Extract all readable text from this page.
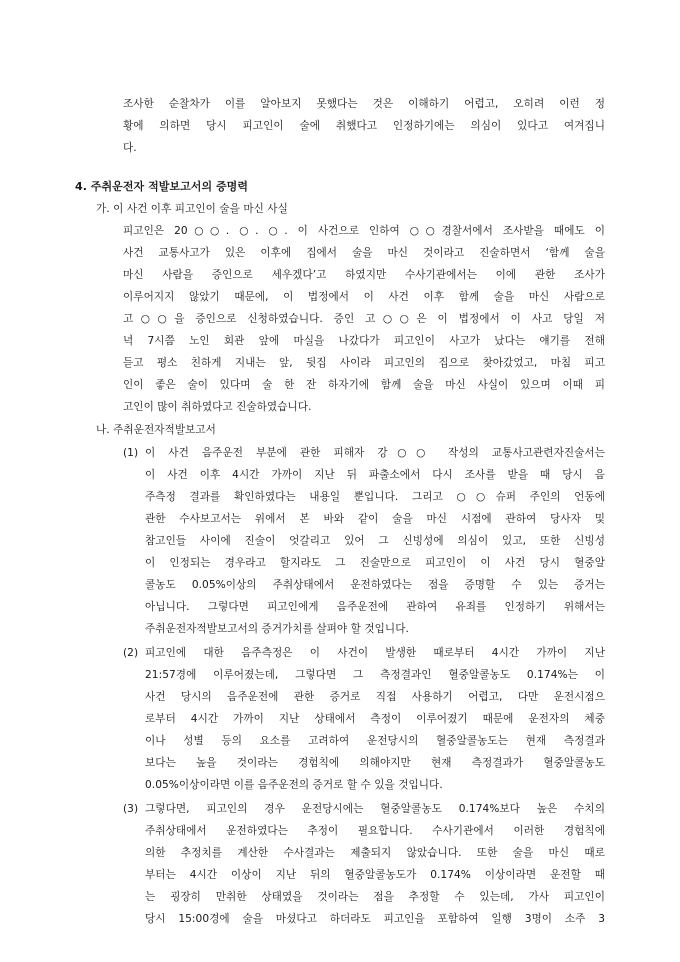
조사한 순찰차가 이를 알아보지 못했다는 것은 이해하기 어렵고, 오히려 이런 정
황에 의하면 당시 피고인이 술에 취했다고 인정하기에는 의심이 있다고 여겨집니
다.
4. 주취운전자 적발보고서의 증명력
가. 이 사건 이후 피고인이 술을 마신 사실
피고인은 20○○. ○. ○. 이 사건으로 인하여 ○○경찰서에서 조사받을 때에도 이
사건 교통사고가 있은 이후에 집에서 술을 마신 것이라고 진술하면서 ‘함께 술을
마신 사람을 증인으로 세우겠다’고 하였지만 수사기관에서는 이에 관한 조사가
이루어지지 않았기 때문에, 이 법정에서 이 사건 이후 함께 술을 마신 사람으로
고○○을 증인으로 신청하였습니다. 증인 고○○은 이 법정에서 이 사고 당일 저
녁 7시쯤 노인 회관 앞에 마실을 나갔다가 피고인이 사고가 났다는 얘기를 전해
듣고 평소 친하게 지내는 앞, 뒷집 사이라 피고인의 집으로 찾아갔었고, 마침 피고
인이 좋은 술이 있다며 술 한 잔 하자기에 함께 술을 마신 사실이 있으며 이때 피
고인이 많이 취하였다고 진술하였습니다.
나. 주취운전자적발보고서
(1) 이 사건 음주운전 부분에 관한 피해자 강○○ 작성의 교통사고관련자진술서는
이 사건 이후 4시간 가까이 지난 뒤 파출소에서 다시 조사를 받을 때 당시 음
주측정 결과를 확인하였다는 내용일 뿐입니다. 그리고 ○○슈퍼 주인의 언동에
관한 수사보고서는 위에서 본 바와 같이 술을 마신 시점에 관하여 당사자 및
참고인들 사이에 진술이 엇갈리고 있어 그 신빙성에 의심이 있고, 또한 신빙성
이 인정되는 경우라고 할지라도 그 진술만으로 피고인이 이 사건 당시 혈중알
콜농도 0.05%이상의 주취상태에서 운전하였다는 점을 증명할 수 있는 증거는
아닙니다. 그렇다면 피고인에게 음주운전에 관하여 유죄를 인정하기 위해서는
주취운전자적발보고서의 증거가치를 살펴야 할 것입니다.
(2) 피고인에 대한 음주측정은 이 사건이 발생한 때로부터 4시간 가까이 지난
21:57경에 이루어졌는데, 그렇다면 그 측정결과인 혈중알콜농도 0.174%는 이
사건 당시의 음주운전에 관한 증거로 직접 사용하기 어렵고, 다만 운전시점으
로부터 4시간 가까이 지난 상태에서 측정이 이루어졌기 때문에 운전자의 체중
이나 성별 등의 요소를 고려하여 운전당시의 혈중알콜농도는 현재 측정결과
보다는 높을 것이라는 경험칙에 의해야지만 현재 측정결과가 혈중알콜농도
0.05%이상이라면 이를 음주운전의 증거로 할 수 있을 것입니다.
(3) 그렇다면, 피고인의 경우 운전당시에는 혈중알콜농도 0.174%보다 높은 수치의
주취상태에서 운전하였다는 추정이 필요합니다. 수사기관에서 이러한 경험칙에
의한 추정치를 계산한 수사결과는 제출되지 않았습니다. 또한 술을 마신 때로
부터는 4시간 이상이 지난 뒤의 혈중알콜농도가 0.174% 이상이라면 운전할 때
는 굉장히 만취한 상태였을 것이라는 점을 추정할 수 있는데, 가사 피고인이
당시 15:00경에 술을 마셨다고 하더라도 피고인을 포함하여 일행 3명이 소주 3
